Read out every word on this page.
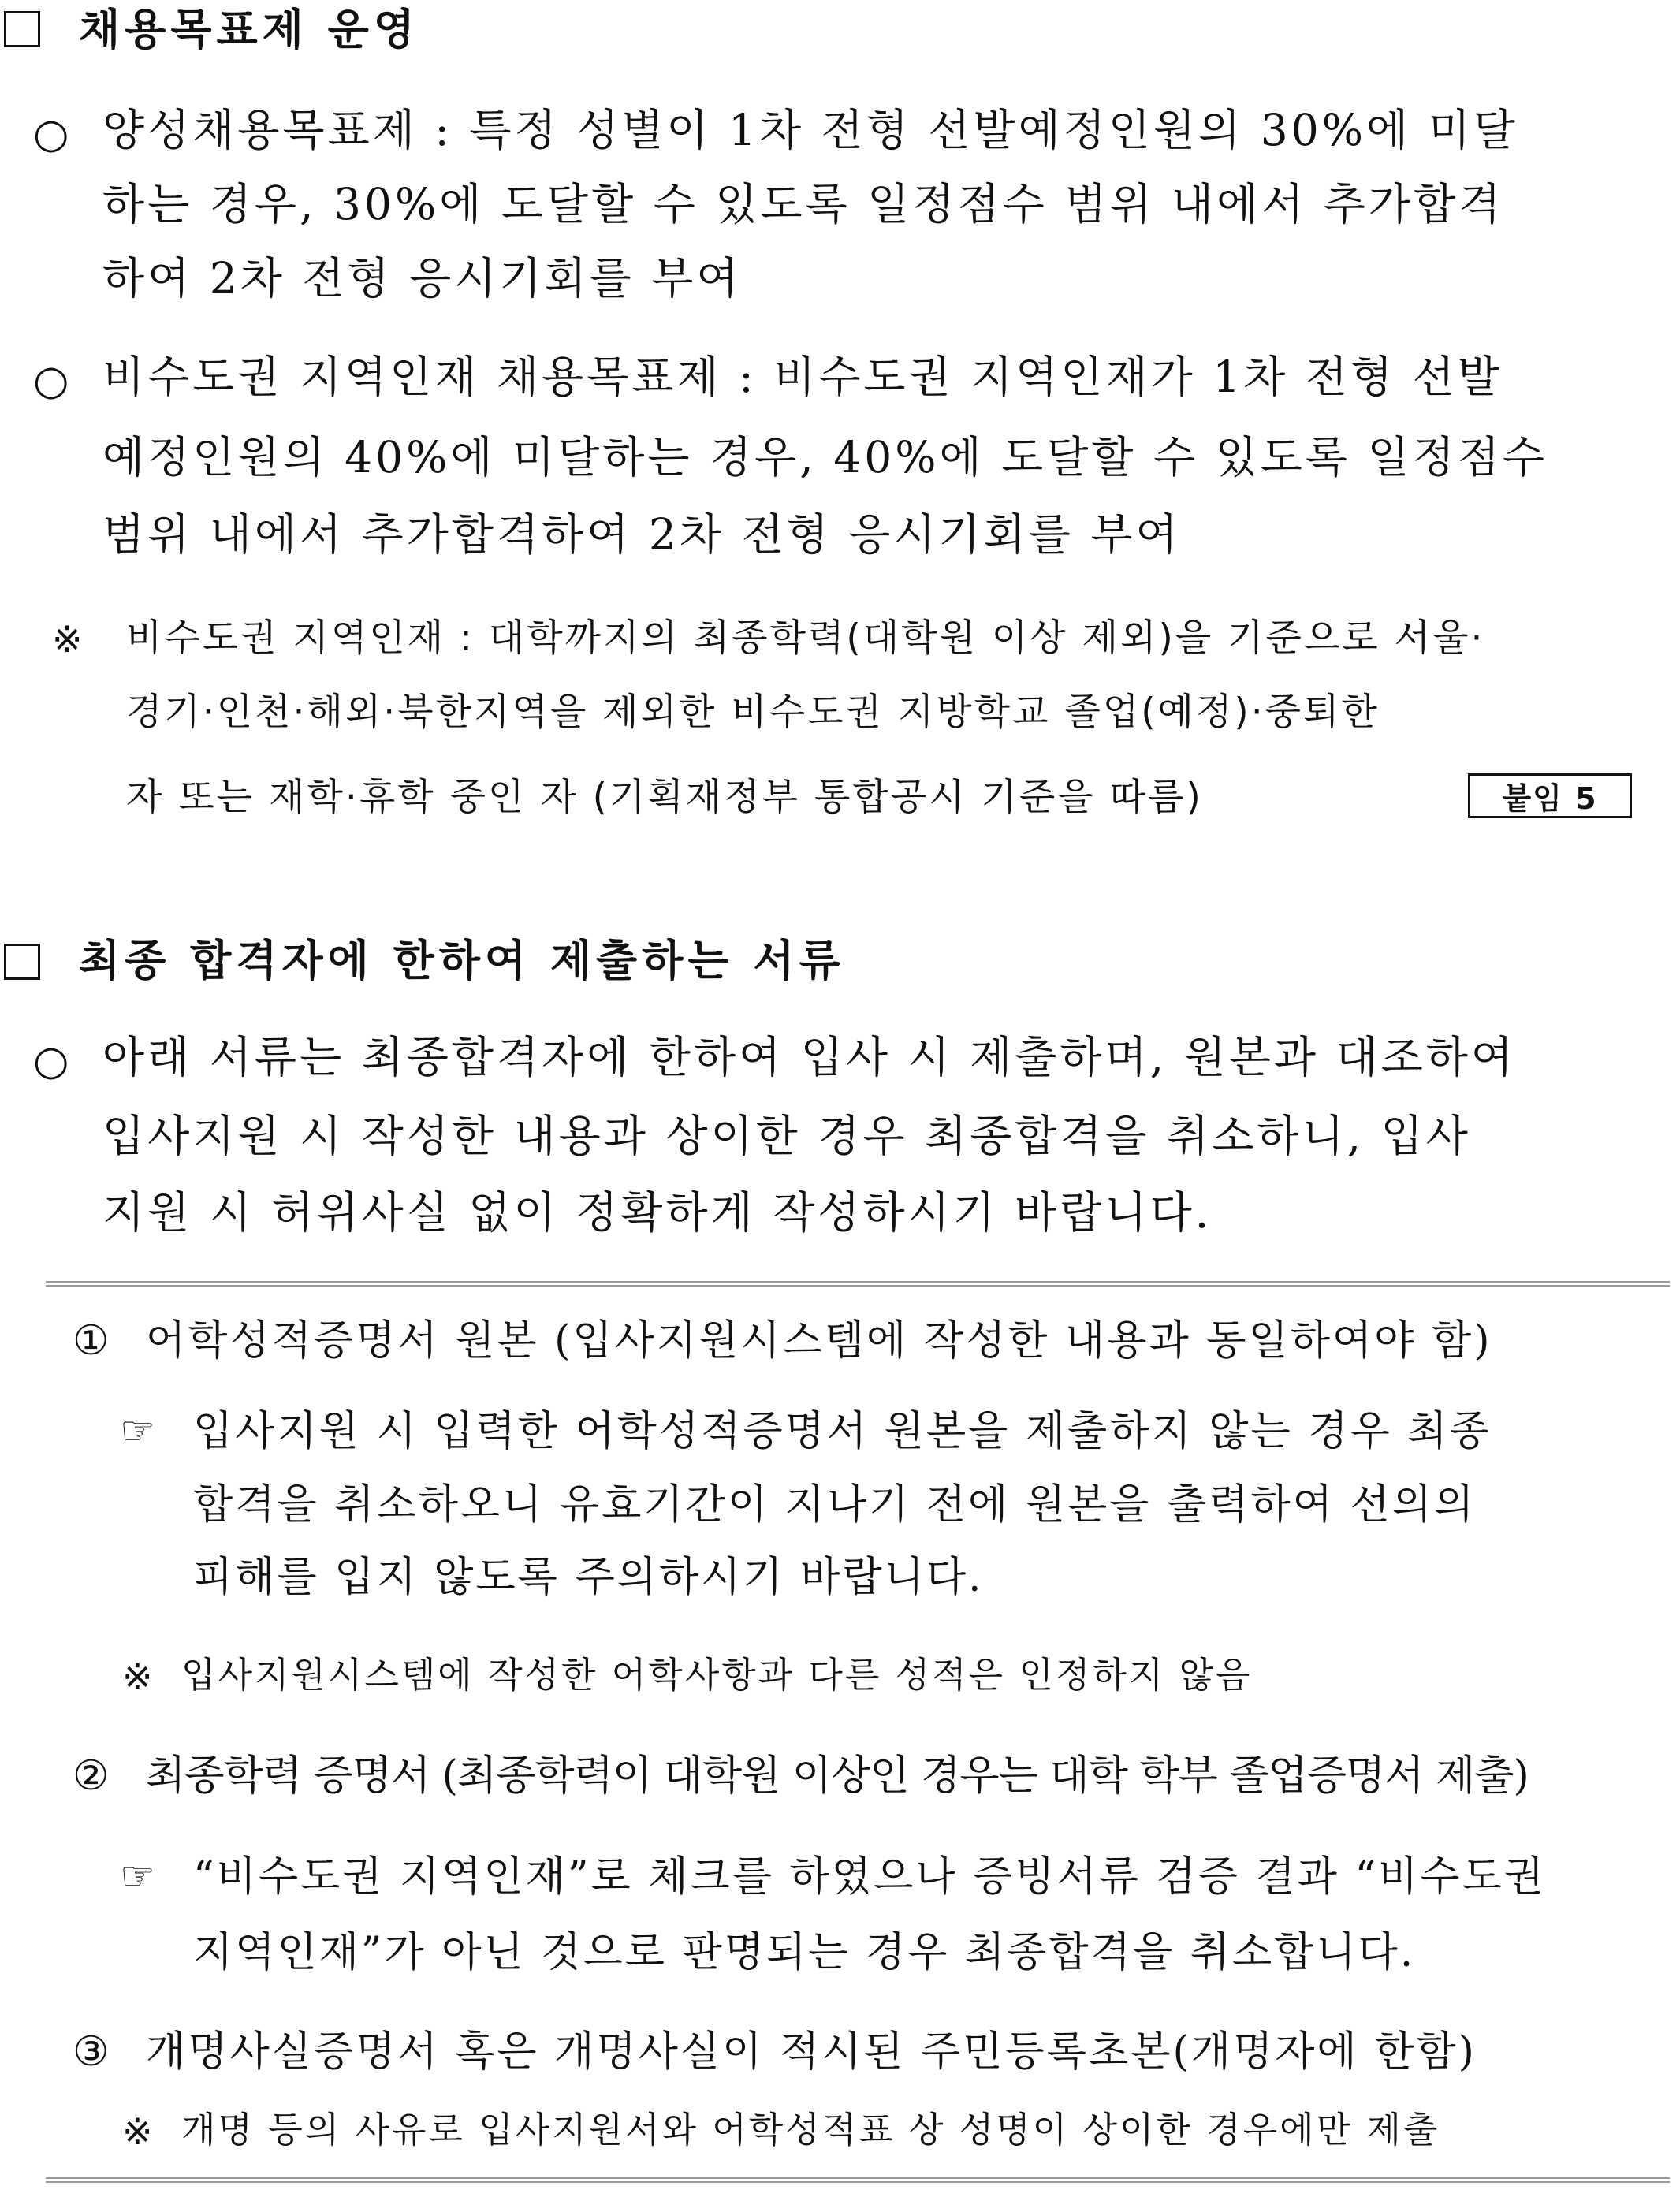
채용목표제 운영
○ 양성채용목표제 : 특정 성별이 1차 전형 선발예정인원의 30%에 미달
하는 경우, 30%에 도달할 수 있도록 일정점수 범위 내에서 추가합격
하여 2차 전형 응시기회를 부여
○ 비수도권 지역인재 채용목표제 : 비수도권 지역인재가 1차 전형 선발
예정인원의 40%에 미달하는 경우, 40%에 도달할 수 있도록 일정점수
범위 내에서 추가합격하여 2차 전형 응시기회를 부여
※ 비수도권 지역인재 : 대학까지의 최종학력(대학원 이상 제외)을 기준으로 서울·
경기·인천·해외·북한지역을 제외한 비수도권 지방학교 졸업(예정)·중퇴한
자 또는 재학·휴학 중인 자 (기획재정부 통합공시 기준을 따름)	붙임 5
최종 합격자에 한하여 제출하는 서류
○ 아래 서류는 최종합격자에 한하여 입사 시 제출하며, 원본과 대조하여
입사지원 시 작성한 내용과 상이한 경우 최종합격을 취소하니, 입사
지원 시 허위사실 없이 정확하게 작성하시기 바랍니다.
① 어학성적증명서 원본 (입사지원시스템에 작성한 내용과 동일하여야 함)
☞ 입사지원 시 입력한 어학성적증명서 원본을 제출하지 않는 경우 최종
합격을 취소하오니 유효기간이 지나기 전에 원본을 출력하여 선의의
피해를 입지 않도록 주의하시기 바랍니다.
※ 입사지원시스템에 작성한 어학사항과 다른 성적은 인정하지 않음
② 최종학력 증명서 (최종학력이 대학원 이상인 경우는 대학 학부 졸업증명서 제출)
☞ “비수도권 지역인재”로 체크를 하였으나 증빙서류 검증 결과 “비수도권
지역인재”가 아닌 것으로 판명되는 경우 최종합격을 취소합니다.
③ 개명사실증명서 혹은 개명사실이 적시된 주민등록초본(개명자에 한함)
※ 개명 등의 사유로 입사지원서와 어학성적표 상 성명이 상이한 경우에만 제출
